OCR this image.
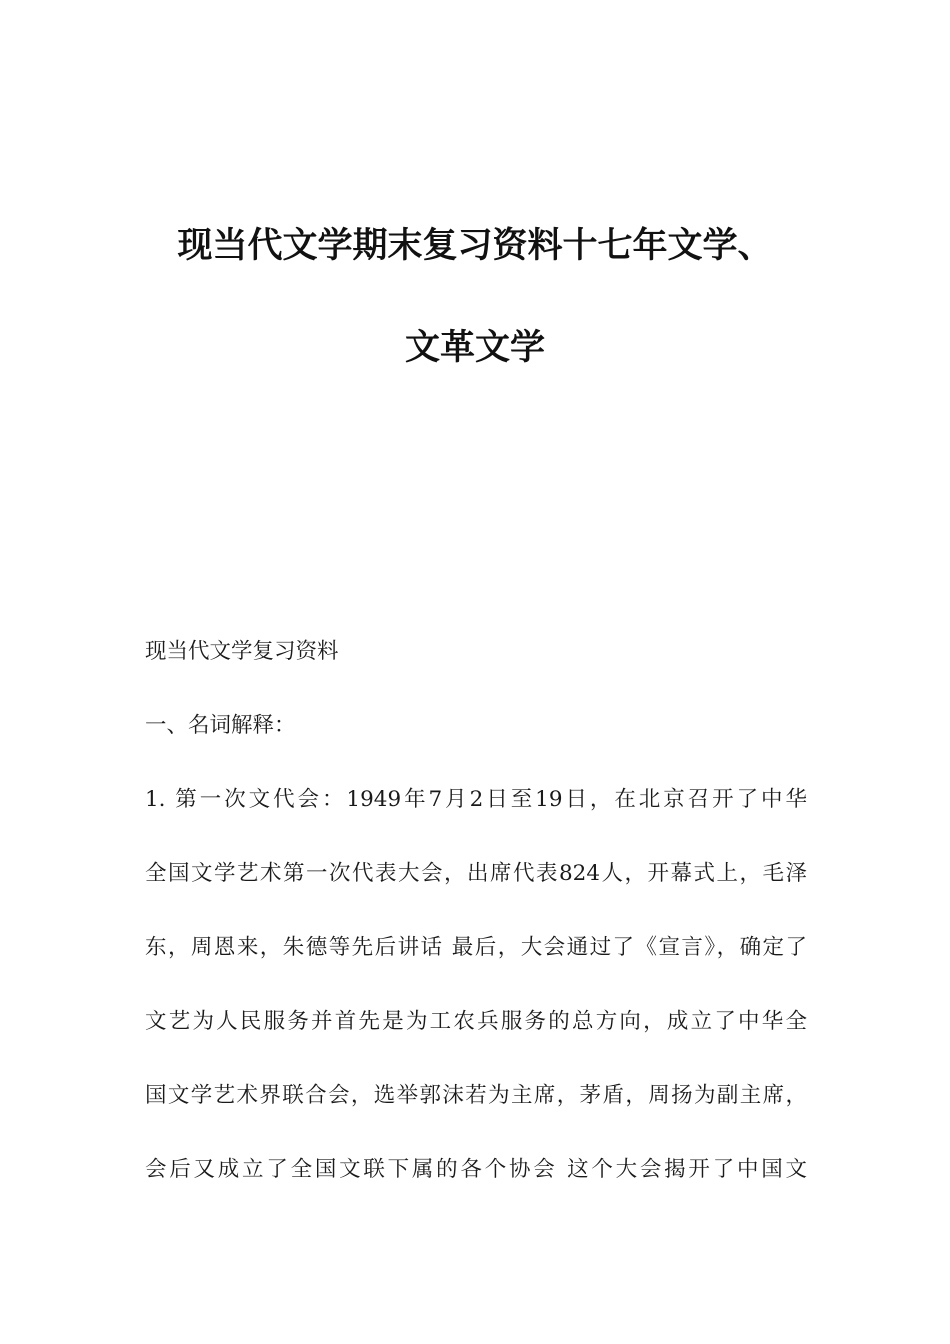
现当代文学期末复习资料十七年文学、
文革文学
现当代文学复习资料
一、名词解释：
1. 第一次文代会：1949年7月2日至19日，在北京召开了中华
全国文学艺术第一次代表大会，出席代表824人，开幕式上，毛泽
东，周恩来，朱德等先后讲话 最后，大会通过了《宣言》，确定了
文艺为人民服务并首先是为工农兵服务的总方向，成立了中华全
国文学艺术界联合会，选举郭沫若为主席，茅盾，周扬为副主席，
会后又成立了全国文联下属的各个协会 这个大会揭开了中国文
